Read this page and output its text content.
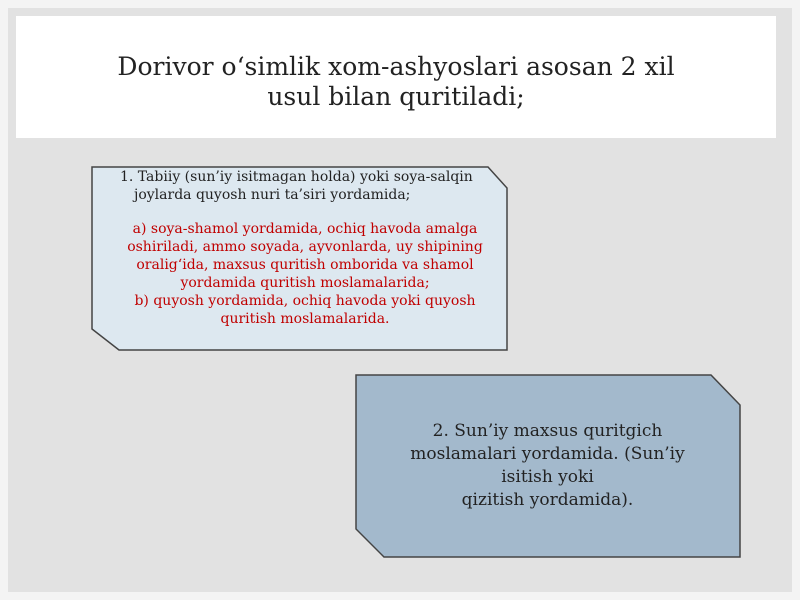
Dorivor o‘simlik xom-ashyoslari asosan 2 xil
usul bilan quritiladi;

1. Tabiiy (sun’iy isitmagan holda) yoki soya-salqin joylarda quyosh nuri ta’siri yordamida;

a) soya-shamol yordamida, ochiq havoda amalga oshiriladi, ammo soyada, ayvonlarda, uy shipining oralig‘ida, maxsus quritish omborida va shamol yordamida quritish moslamalarida;

b) quyosh yordamida, ochiq havoda yoki quyosh quritish moslamalarida.

2. Sun’iy maxsus quritgich
moslamalari yordamida. (Sun’iy
isitish yoki
qizitish yordamida).
